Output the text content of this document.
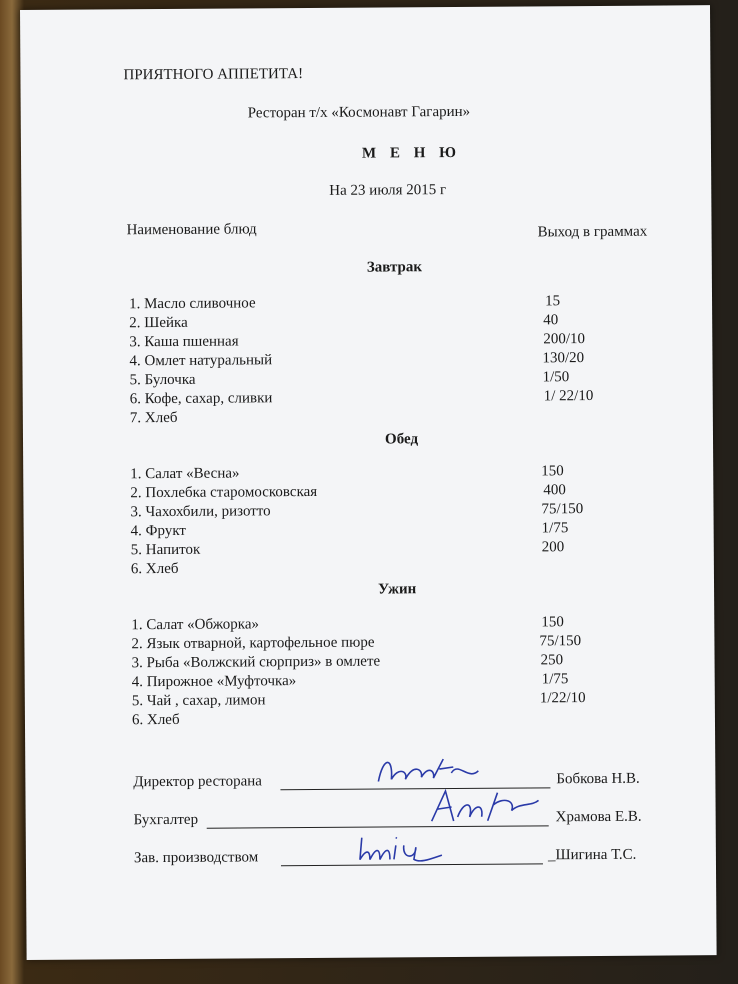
ПРИЯТНОГО АППЕТИТА!
Ресторан т/х «Космонавт Гагарин»
М Е Н Ю
На 23 июля 2015 г
Наименование блюд	Выход в граммах
Завтрак
1. Масло сливочное	15
2. Шейка	40
3. Каша пшенная	200/10
4. Омлет натуральный	130/20
5. Булочка	1/50
6. Кофе, сахар, сливки	1/ 22/10
7. Хлеб
Обед
1. Салат «Весна»	150
2. Похлебка старомосковская	400
3. Чахохбили, ризотто	75/150
4. Фрукт	1/75
5. Напиток	200
6. Хлеб
Ужин
1. Салат «Обжорка»	150
2. Язык отварной, картофельное пюре	75/150
3. Рыба «Волжский сюрприз» в омлете	250
4. Пирожное «Муфточка»	1/75
5. Чай , сахар, лимон	1/22/10
6. Хлеб
Директор ресторана	Бобкова Н.В.
Бухгалтер	Храмова Е.В.
Зав. производством	_Шигина Т.С.
